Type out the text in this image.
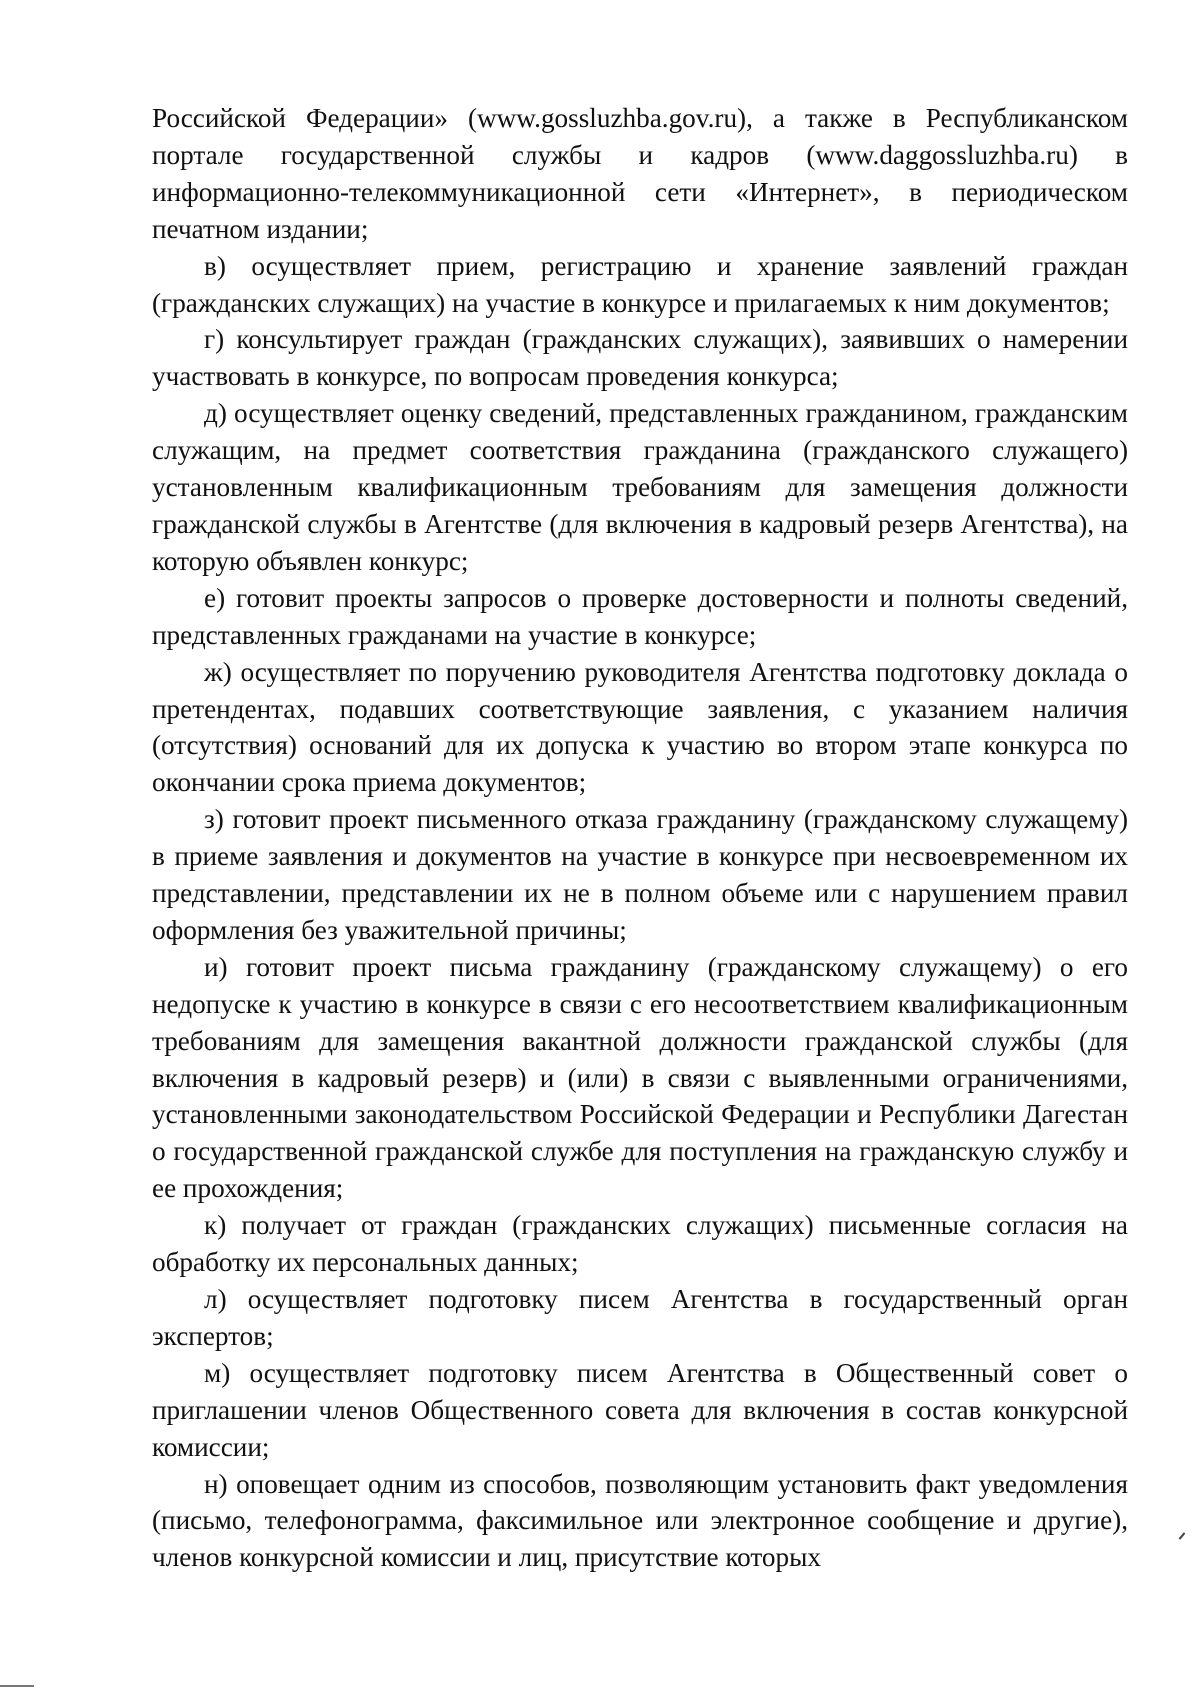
Российской Федерации» (www.gossluzhba.gov.ru), а также в Республиканском портале государственной службы и кадров (www.daggossluzhba.ru) в информационно-телекоммуникационной сети «Интернет», в периодическом печатном издании;

в) осуществляет прием, регистрацию и хранение заявлений граждан (гражданских служащих) на участие в конкурсе и прилагаемых к ним документов;

г) консультирует граждан (гражданских служащих), заявивших о намерении участвовать в конкурсе, по вопросам проведения конкурса;

д) осуществляет оценку сведений, представленных гражданином, гражданским служащим, на предмет соответствия гражданина (гражданского служащего) установленным квалификационным требованиям для замещения должности гражданской службы в Агентстве (для включения в кадровый резерв Агентства), на которую объявлен конкурс;

е) готовит проекты запросов о проверке достоверности и полноты сведений, представленных гражданами на участие в конкурсе;

ж) осуществляет по поручению руководителя Агентства подготовку доклада о претендентах, подавших соответствующие заявления, с указанием наличия (отсутствия) оснований для их допуска к участию во втором этапе конкурса по окончании срока приема документов;

з) готовит проект письменного отказа гражданину (гражданскому служащему) в приеме заявления и документов на участие в конкурсе при несвоевременном их представлении, представлении их не в полном объеме или с нарушением правил оформления без уважительной причины;

и) готовит проект письма гражданину (гражданскому служащему) о его недопуске к участию в конкурсе в связи с его несоответствием квалификационным требованиям для замещения вакантной должности гражданской службы (для включения в кадровый резерв) и (или) в связи с выявленными ограничениями, установленными законодательством Российской Федерации и Республики Дагестан о государственной гражданской службе для поступления на гражданскую службу и ее прохождения;

к) получает от граждан (гражданских служащих) письменные согласия на обработку их персональных данных;

л) осуществляет подготовку писем Агентства в государственный орган экспертов;

м) осуществляет подготовку писем Агентства в Общественный совет о приглашении членов Общественного совета для включения в состав конкурсной комиссии;

н) оповещает одним из способов, позволяющим установить факт уведомления (письмо, телефонограмма, факсимильное или электронное сообщение и другие), членов конкурсной комиссии и лиц, присутствие которых
